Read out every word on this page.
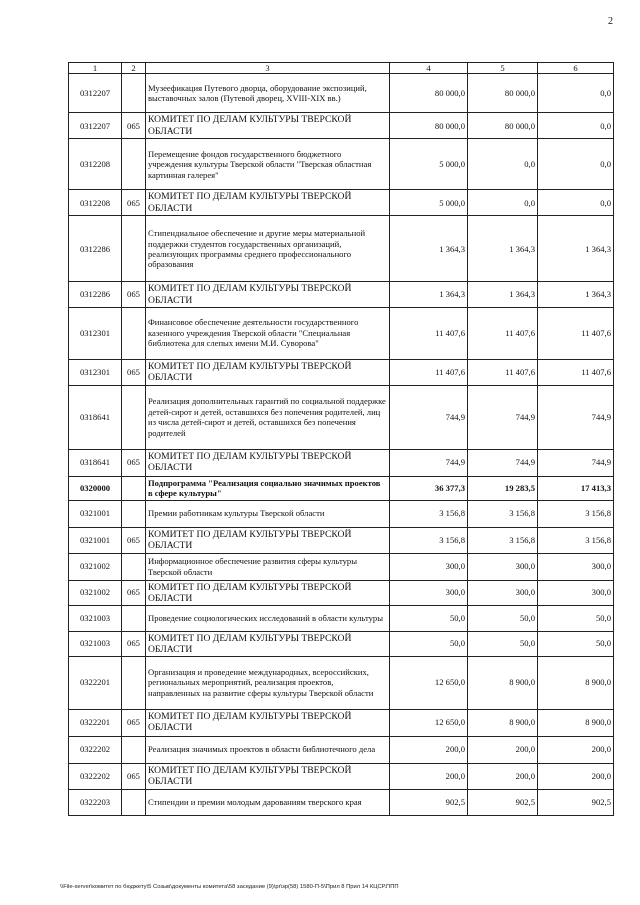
2
1	2	3	4	5	6
0312207		Музеефикация Путевого дворца, оборудование экспозиций, выставочных залов (Путевой дворец, XVIII-XIX вв.)	80 000,0	80 000,0	0,0
0312207	065	КОМИТЕТ ПО ДЕЛАМ КУЛЬТУРЫ ТВЕРСКОЙ ОБЛАСТИ	80 000,0	80 000,0	0,0
0312208		Перемещение фондов государственного бюджетного учреждения культуры Тверской области "Тверская областная картинная галерея"	5 000,0	0,0	0,0
0312208	065	КОМИТЕТ ПО ДЕЛАМ КУЛЬТУРЫ ТВЕРСКОЙ ОБЛАСТИ	5 000,0	0,0	0,0
0312286		Стипендиальное обеспечение и другие меры материальной поддержки студентов государственных организаций, реализующих программы среднего профессионального образования	1 364,3	1 364,3	1 364,3
0312286	065	КОМИТЕТ ПО ДЕЛАМ КУЛЬТУРЫ ТВЕРСКОЙ ОБЛАСТИ	1 364,3	1 364,3	1 364,3
0312301		Финансовое обеспечение деятельности государственного казенного учреждения Тверской области "Специальная библиотека для слепых имени М.И. Суворова"	11 407,6	11 407,6	11 407,6
0312301	065	КОМИТЕТ ПО ДЕЛАМ КУЛЬТУРЫ ТВЕРСКОЙ ОБЛАСТИ	11 407,6	11 407,6	11 407,6
0318641		Реализация дополнительных гарантий по социальной поддержке детей-сирот и детей, оставшихся без попечения родителей, лиц из числа детей-сирот и детей, оставшихся без попечения родителей	744,9	744,9	744,9
0318641	065	КОМИТЕТ ПО ДЕЛАМ КУЛЬТУРЫ ТВЕРСКОЙ ОБЛАСТИ	744,9	744,9	744,9
0320000		Подпрограмма "Реализация социально значимых проектов в сфере культуры"	36 377,3	19 283,5	17 413,3
0321001		Премии работникам культуры Тверской области	3 156,8	3 156,8	3 156,8
0321001	065	КОМИТЕТ ПО ДЕЛАМ КУЛЬТУРЫ ТВЕРСКОЙ ОБЛАСТИ	3 156,8	3 156,8	3 156,8
0321002		Информационное обеспечение развития сферы культуры Тверской области	300,0	300,0	300,0
0321002	065	КОМИТЕТ ПО ДЕЛАМ КУЛЬТУРЫ ТВЕРСКОЙ ОБЛАСТИ	300,0	300,0	300,0
0321003		Проведение социологических исследований в области культуры	50,0	50,0	50,0
0321003	065	КОМИТЕТ ПО ДЕЛАМ КУЛЬТУРЫ ТВЕРСКОЙ ОБЛАСТИ	50,0	50,0	50,0
0322201		Организация и проведение международных, всероссийских, региональных мероприятий, реализация проектов, направленных на развитие сферы культуры Тверской области	12 650,0	8 900,0	8 900,0
0322201	065	КОМИТЕТ ПО ДЕЛАМ КУЛЬТУРЫ ТВЕРСКОЙ ОБЛАСТИ	12 650,0	8 900,0	8 900,0
0322202		Реализация значимых проектов в области библиотечного дела	200,0	200,0	200,0
0322202	065	КОМИТЕТ ПО ДЕЛАМ КУЛЬТУРЫ ТВЕРСКОЙ ОБЛАСТИ	200,0	200,0	200,0
0322203		Стипендии и премии молодым дарованиям тверского края	902,5	902,5	902,5
\\File-server\комитет по бюджету\5 Созыв\документы комитета\58 заседание (9)\pr\зр(58) 1580-П-5\Прил 8 Прил 14 КЦСР.ППП
